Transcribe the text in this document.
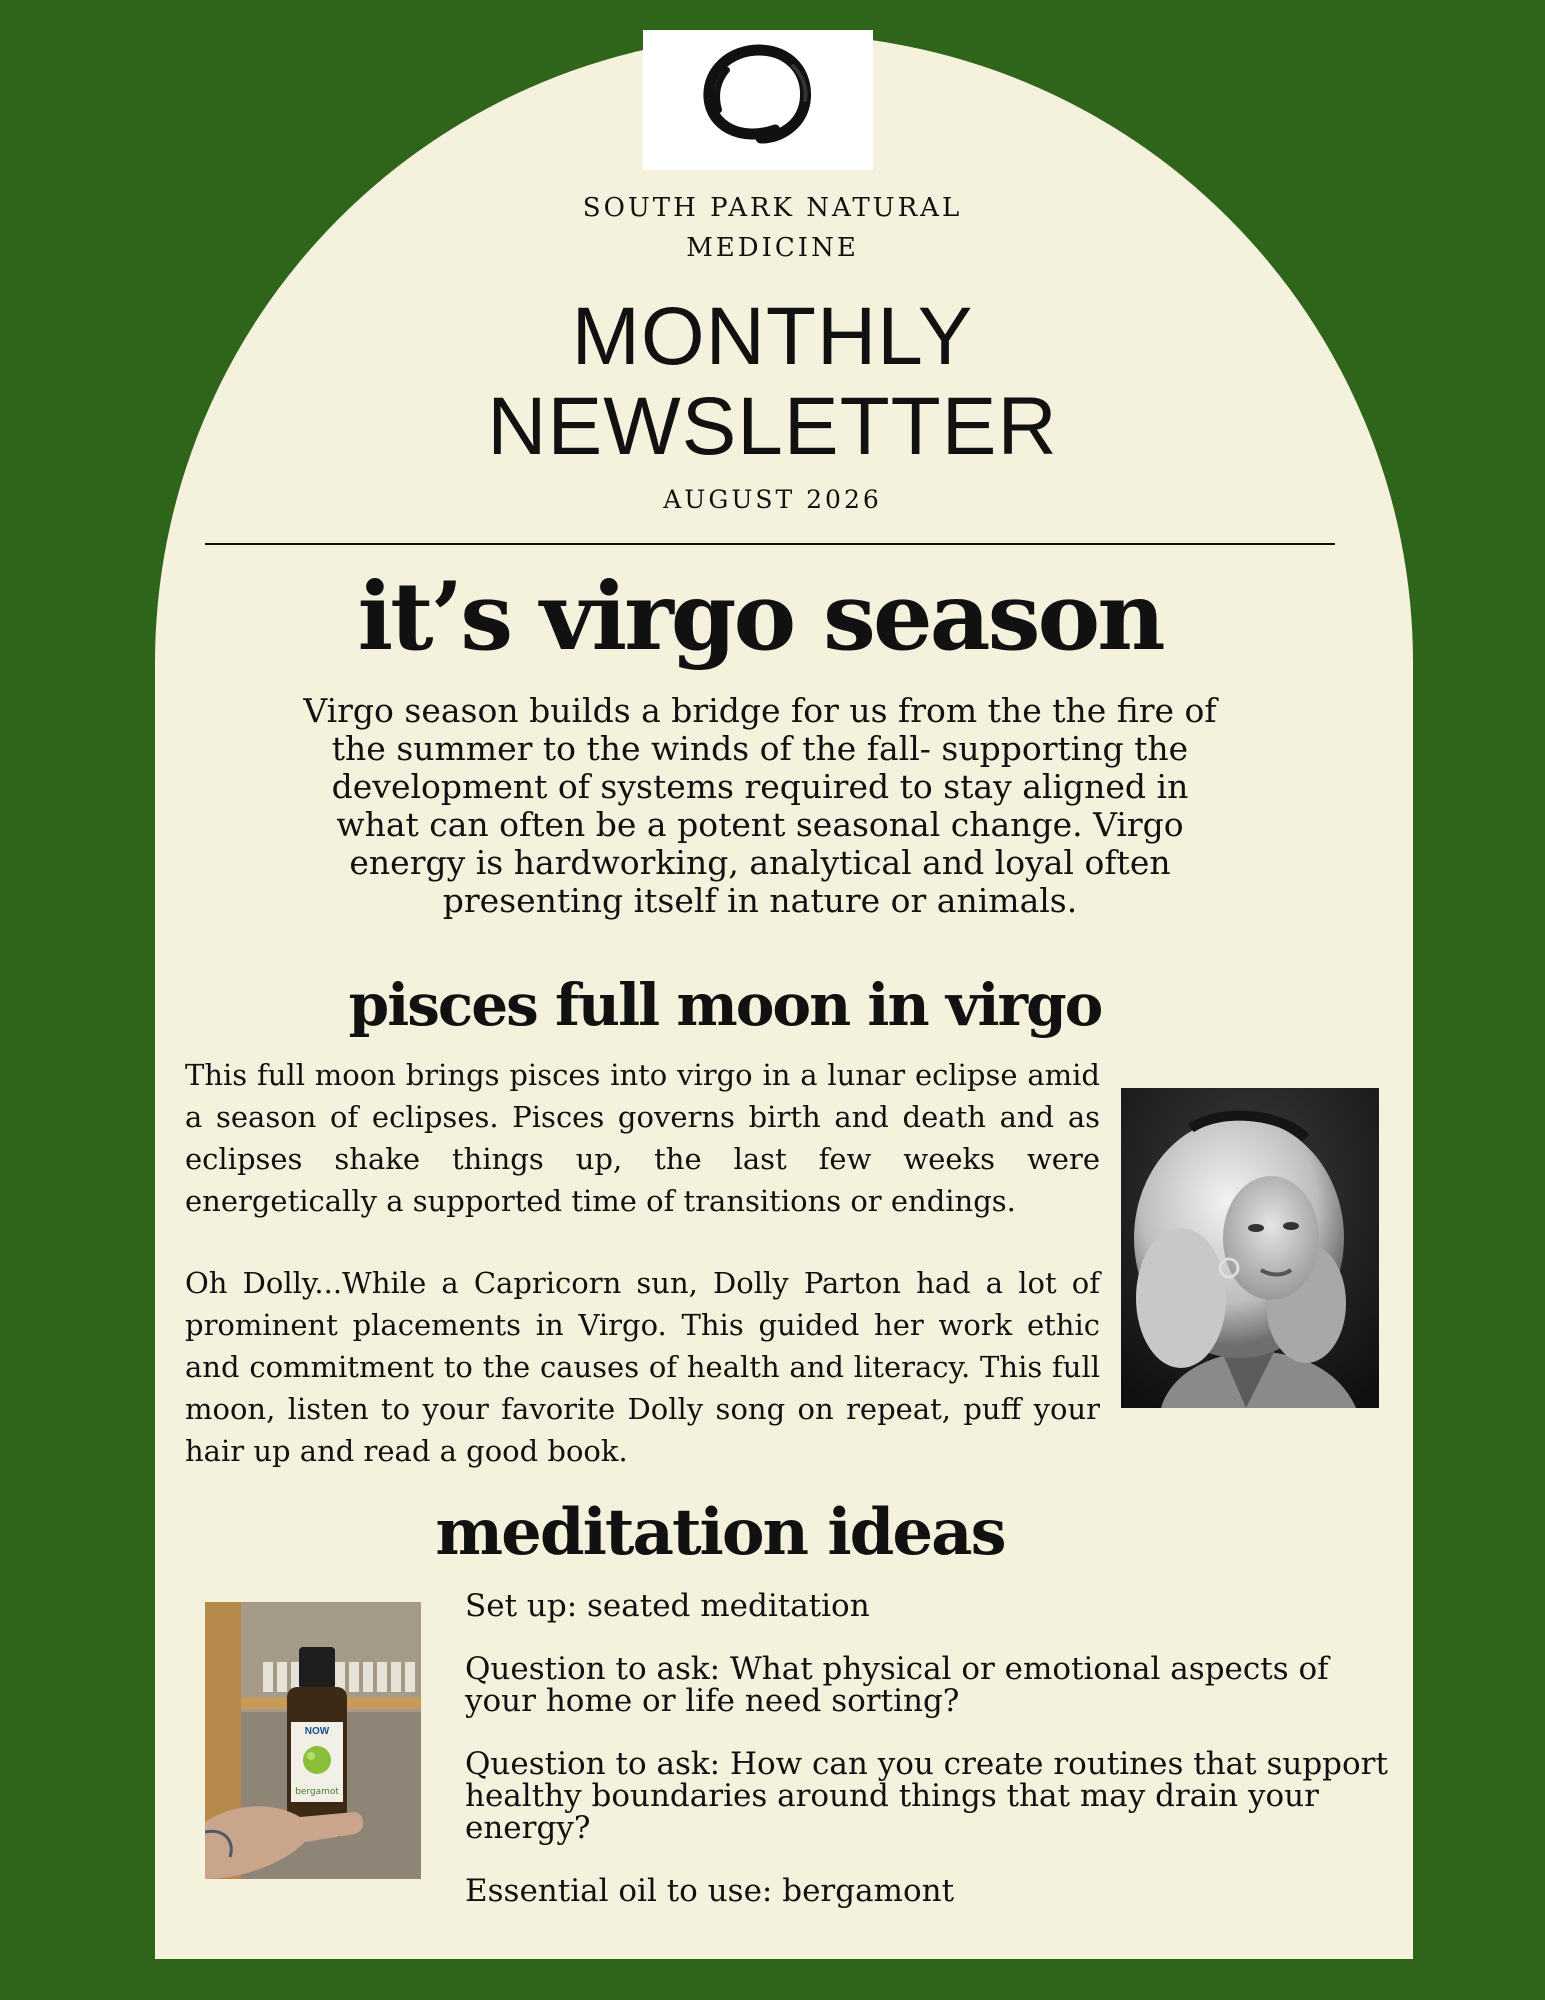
SOUTH PARK NATURAL
MEDICINE
MONTHLY
NEWSLETTER

AUGUST 2026

it’s virgo season

Virgo season builds a bridge for us from the the fire of
the summer to the winds of the fall- supporting the
development of systems required to stay aligned in
what can often be a potent seasonal change. Virgo
energy is hardworking, analytical and loyal often
presenting itself in nature or animals.

pisces full moon in virgo

This full moon brings pisces into virgo in a lunar eclipse amid a season of eclipses. Pisces governs birth and death and as eclipses shake things up, the last few weeks were energetically a supported time of transitions or endings.

Oh Dolly...While a Capricorn sun, Dolly Parton had a lot of prominent placements in Virgo. This guided her work ethic and commitment to the causes of health and literacy. This full moon, listen to your favorite Dolly song on repeat, puff your hair up and read a good book.

meditation ideas
NOW
bergamot
Set up: seated meditation
Question to ask: What physical or emotional aspects of your home or life need sorting?
Question to ask: How can you create routines that support healthy boundaries around things that may drain your energy?
Essential oil to use: bergamont
